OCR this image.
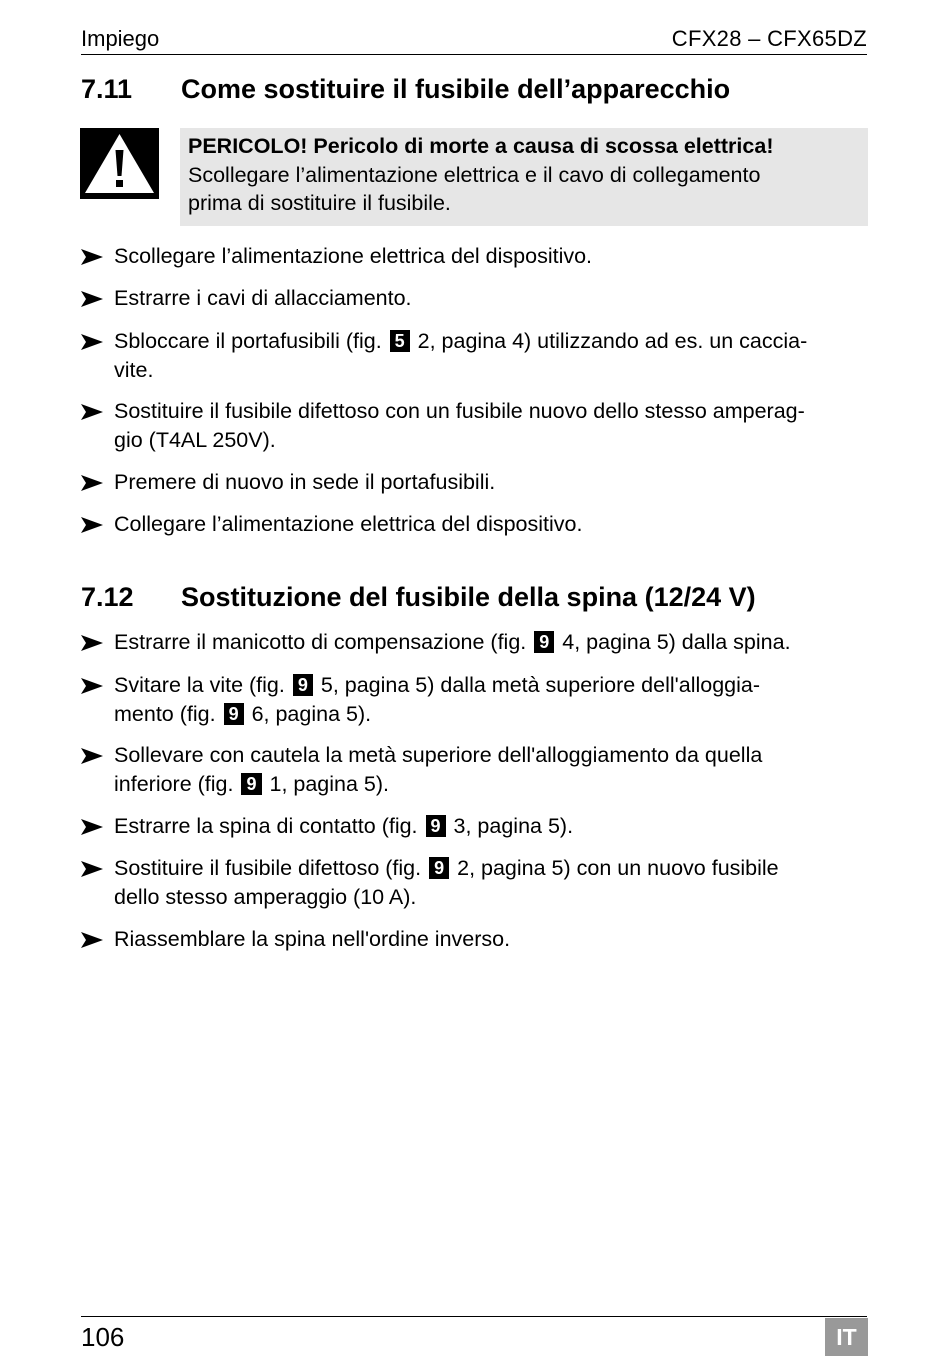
Impiego	CFX28 – CFX65DZ
7.11 Come sostituire il fusibile dell’apparecchio
PERICOLO! Pericolo di morte a causa di scossa elettrica!
Scollegare l’alimentazione elettrica e il cavo di collegamento
prima di sostituire il fusibile.
Scollegare l’alimentazione elettrica del dispositivo.
Estrarre i cavi di allacciamento.
Sbloccare il portafusibili (fig. 5 2, pagina 4) utilizzando ad es. un caccia-
vite.
Sostituire il fusibile difettoso con un fusibile nuovo dello stesso amperag-
gio (T4AL 250V).
Premere di nuovo in sede il portafusibili.
Collegare l’alimentazione elettrica del dispositivo.
7.12 Sostituzione del fusibile della spina (12/24 V)
Estrarre il manicotto di compensazione (fig. 9 4, pagina 5) dalla spina.
Svitare la vite (fig. 9 5, pagina 5) dalla metà superiore dell'alloggia-
mento (fig. 9 6, pagina 5).
Sollevare con cautela la metà superiore dell'alloggiamento da quella
inferiore (fig. 9 1, pagina 5).
Estrarre la spina di contatto (fig. 9 3, pagina 5).
Sostituire il fusibile difettoso (fig. 9 2, pagina 5) con un nuovo fusibile
dello stesso amperaggio (10 A).
Riassemblare la spina nell'ordine inverso.
106	IT
